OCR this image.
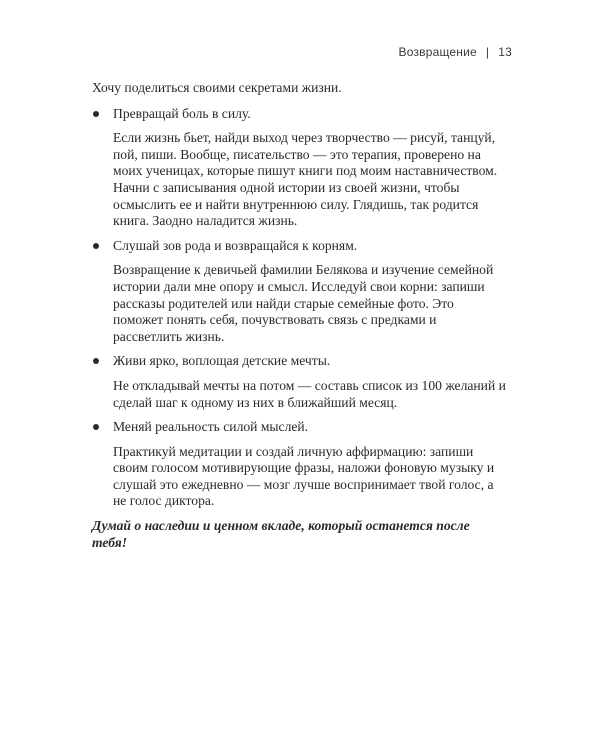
Возвращение | 13

Хочу поделиться своими секретами жизни.

Превращай боль в силу.

Если жизнь бьет, найди выход через творчество — рисуй, танцуй, пой, пиши. Вообще, писательство — это терапия, проверено на моих ученицах, которые пишут книги под моим наставничеством. Начни с записывания одной истории из своей жизни, чтобы осмыслить ее и найти внутреннюю силу. Глядишь, так родится книга. Заодно наладится жизнь.

Слушай зов рода и возвращайся к корням.

Возвращение к девичьей фамилии Белякова и изучение семейной истории дали мне опору и смысл. Исследуй свои корни: запиши рассказы родителей или найди старые семейные фото. Это поможет понять себя, почувствовать связь с предками и рассветлить жизнь.

Живи ярко, воплощая детские мечты.

Не откладывай мечты на потом — составь список из 100 желаний и сделай шаг к одному из них в ближайший месяц.

Меняй реальность силой мыслей.

Практикуй медитации и создай личную аффирмацию: запиши своим голосом мотивирующие фразы, наложи фоновую музыку и слушай это ежедневно — мозг лучше воспринимает твой голос, а не голос диктора.

Думай о наследии и ценном вкладе, который останется после тебя!
